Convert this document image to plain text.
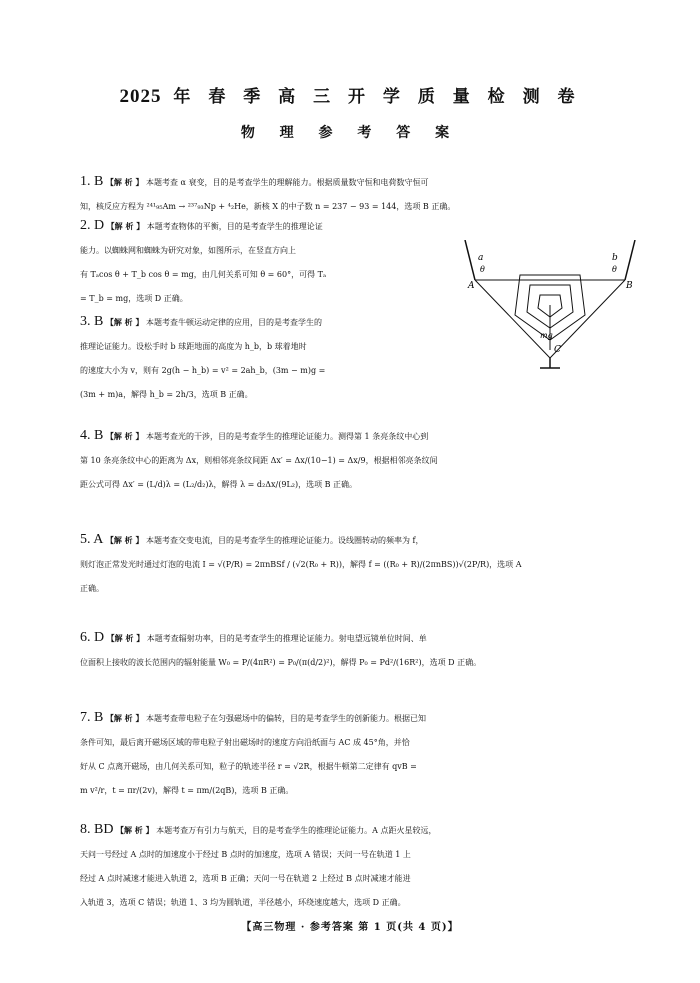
2025 年 春 季 高 三 开 学 质 量 检 测 卷
物 理 参 考 答 案
1. B 【解 析 】 本题考查 α 衰变，目的是考查学生的理解能力。根据质量数守恒和电荷数守恒可
知，核反应方程为 ²⁴¹₉₅Am → ²³⁷₉₃Np + ⁴₂He，新核 X 的中子数 n = 237 − 93 = 144，选项 B 正确。
2. D 【解 析 】 本题考查物体的平衡，目的是考查学生的推理论证
能力。以蜘蛛网和蜘蛛为研究对象，如图所示，在竖直方向上
有 Tₐcos θ + T_b cos θ = mg，由几何关系可知 θ = 60°，可得 Tₐ
= T_b = mg，选项 D 正确。
a	b
θ	θ
A	B
mg
C
3. B 【解 析 】 本题考查牛顿运动定律的应用，目的是考查学生的
推理论证能力。设松手时 b 球距地面的高度为 h_b，b 球着地时
的速度大小为 v，则有 2g(h − h_b) = v² = 2ah_b，(3m − m)g =
(3m + m)a，解得 h_b = 2h/3，选项 B 正确。
4. B 【解 析 】 本题考查光的干涉，目的是考查学生的推理论证能力。测得第 1 条亮条纹中心到
第 10 条亮条纹中心的距离为 Δx，则相邻亮条纹间距 Δx′ = Δx/(10−1) = Δx/9，根据相邻亮条纹间
距公式可得 Δx′ = (L/d)λ = (L₂/d₂)λ，解得 λ = d₂Δx/(9L₂)，选项 B 正确。
5. A 【解 析 】 本题考查交变电流，目的是考查学生的推理论证能力。设线圈转动的频率为 f，
则灯泡正常发光时通过灯泡的电流 I = √(P/R) = 2πnBSf / (√2(R₀ + R))，解得 f = ((R₀ + R)/(2πnBS))√(2P/R)，选项 A
正确。
6. D 【解 析 】 本题考查辐射功率，目的是考查学生的推理论证能力。射电望远镜单位时间、单
位面积上接收的波长范围内的辐射能量 W₀ = P/(4πR²) = P₀/(π(d/2)²)，解得 P₀ = Pd²/(16R²)，选项 D 正确。
7. B 【解 析 】 本题考查带电粒子在匀强磁场中的偏转，目的是考查学生的创新能力。根据已知
条件可知，最后离开磁场区域的带电粒子射出磁场时的速度方向沿纸面与 AC 成 45°角，并恰
好从 C 点离开磁场，由几何关系可知，粒子的轨迹半径 r = √2R，根据牛顿第二定律有 qvB =
m v²/r，t = πr/(2v)，解得 t = πm/(2qB)，选项 B 正确。
8. BD 【解 析 】 本题考查万有引力与航天，目的是考查学生的推理论证能力。A 点距火星较远，
天问一号经过 A 点时的加速度小于经过 B 点时的加速度，选项 A 错误；天问一号在轨道 1 上
经过 A 点时减速才能进入轨道 2，选项 B 正确；天问一号在轨道 2 上经过 B 点时减速才能进
入轨道 3，选项 C 错误；轨道 1、3 均为圆轨道，半径越小，环绕速度越大，选项 D 正确。
【高三物理 · 参考答案 第 1 页(共 4 页)】
